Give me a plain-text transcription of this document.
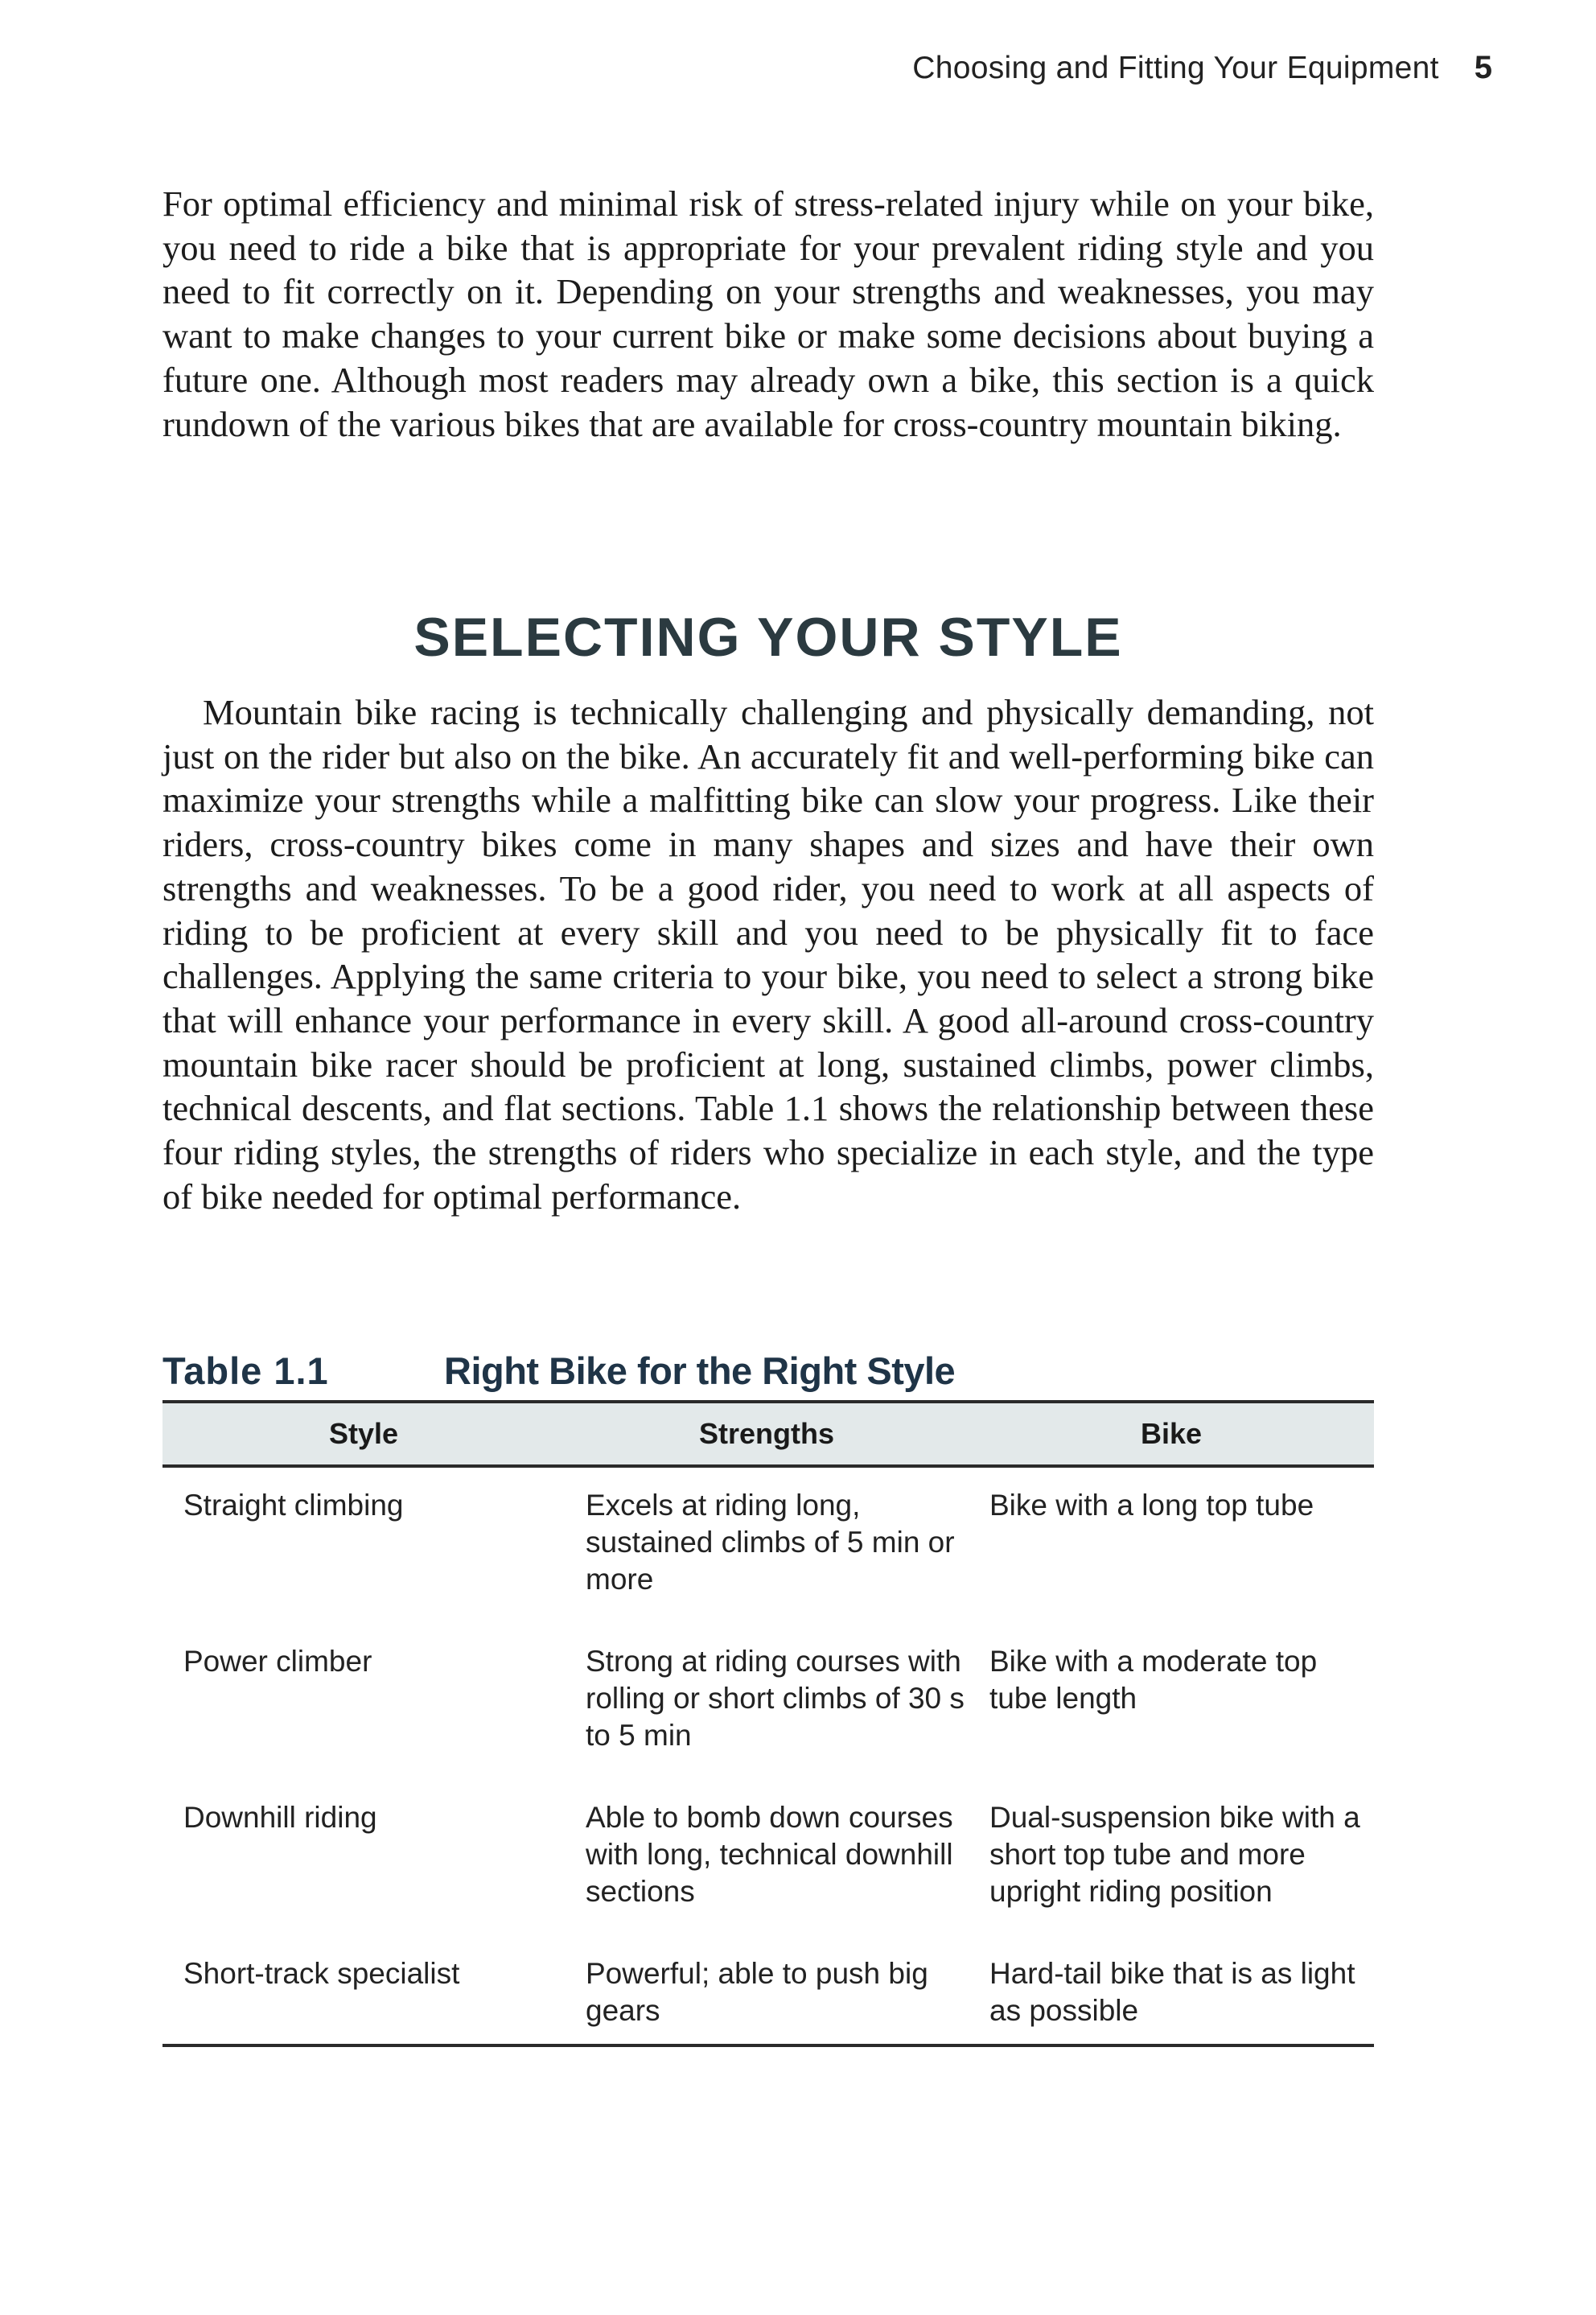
Choosing and Fitting Your Equipment 5

For optimal efficiency and minimal risk of stress-related injury while on your bike, you need to ride a bike that is appropriate for your prevalent riding style and you need to fit correctly on it. Depending on your strengths and weaknesses, you may want to make changes to your current bike or make some decisions about buying a future one. Although most readers may already own a bike, this section is a quick rundown of the various bikes that are available for cross-country mountain biking.

SELECTING YOUR STYLE

Mountain bike racing is technically challenging and physically demanding, not just on the rider but also on the bike. An accurately fit and well-performing bike can maximize your strengths while a malfitting bike can slow your progress. Like their riders, cross-country bikes come in many shapes and sizes and have their own strengths and weaknesses. To be a good rider, you need to work at all aspects of riding to be proficient at every skill and you need to be physically fit to face challenges. Applying the same criteria to your bike, you need to select a strong bike that will enhance your performance in every skill. A good all-around cross-country mountain bike racer should be proficient at long, sustained climbs, power climbs, technical descents, and flat sections. Table 1.1 shows the relationship between these four riding styles, the strengths of riders who specialize in each style, and the type of bike needed for optimal performance.

Table 1.1	Right Bike for the Right Style
Style	Strengths	Bike
Straight climbing	Excels at riding long, sustained climbs of 5 min or more	Bike with a long top tube
Power climber	Strong at riding courses with rolling or short climbs of 30 s to 5 min	Bike with a moderate top tube length
Downhill riding	Able to bomb down courses with long, technical downhill sections	Dual-suspension bike with a short top tube and more upright riding position
Short-track specialist	Powerful; able to push big gears	Hard-tail bike that is as light as possible
